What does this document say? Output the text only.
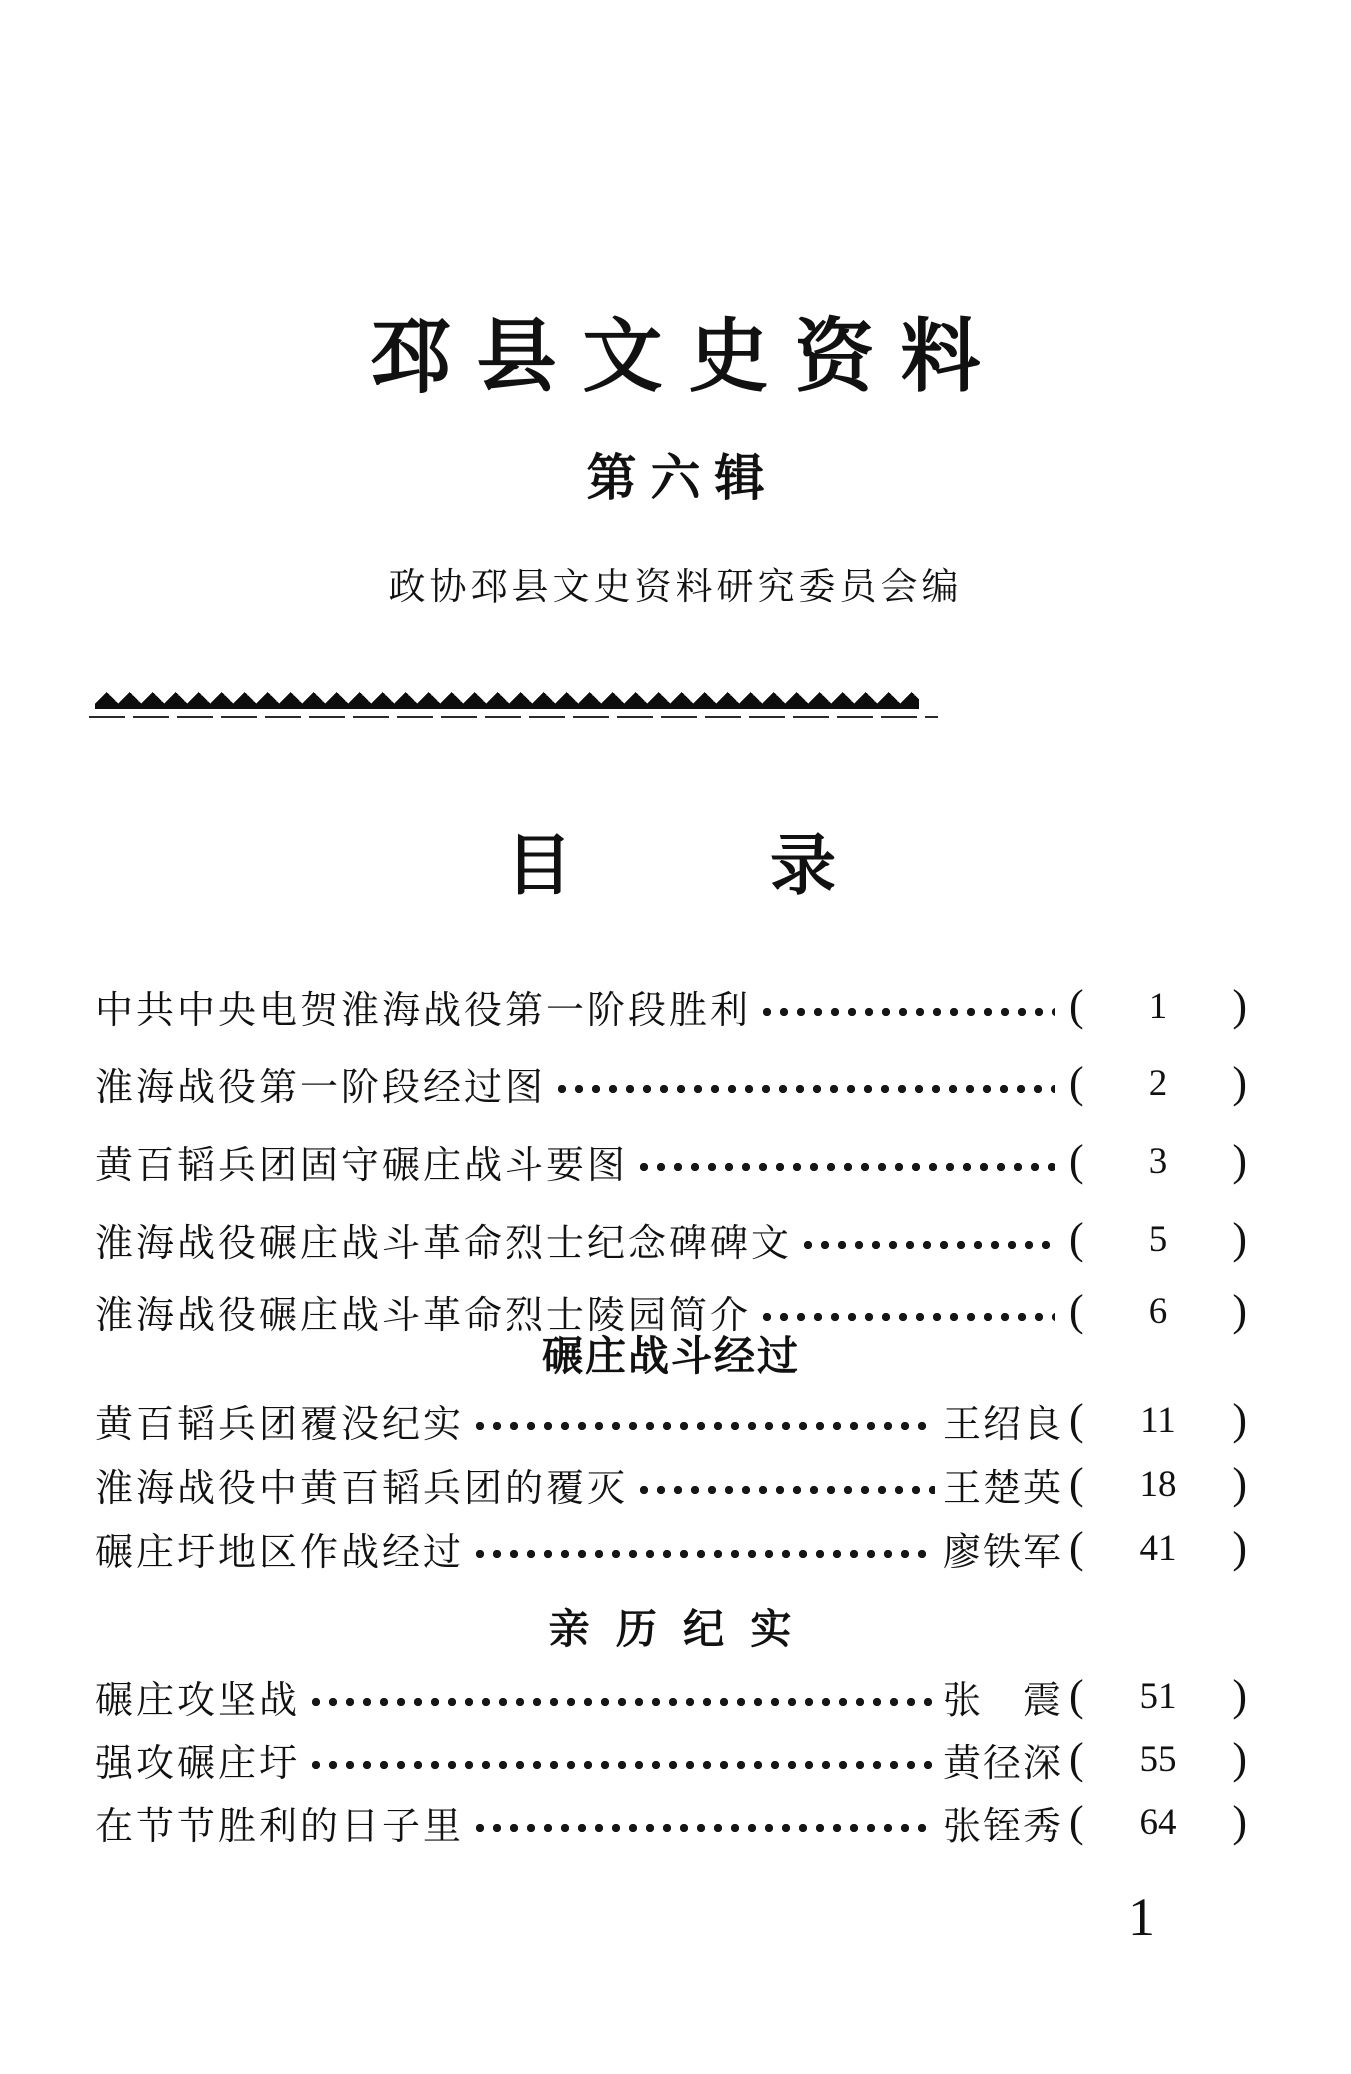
邳县文史资料
第六辑
政协邳县文史资料研究委员会编
目　　　录
中共中央电贺淮海战役第一阶段胜利	( 1 )
淮海战役第一阶段经过图	( 2 )
黄百韬兵团固守碾庄战斗要图	( 3 )
淮海战役碾庄战斗革命烈士纪念碑碑文	( 5 )
淮海战役碾庄战斗革命烈士陵园简介	( 6 )
碾庄战斗经过
黄百韬兵团覆没纪实	王绍良 ( 11 )
淮海战役中黄百韬兵团的覆灭	王楚英 ( 18 )
碾庄圩地区作战经过	廖铁军 ( 41 )
亲 历 纪 实
碾庄攻坚战	张　震 ( 51 )
强攻碾庄圩	黄径深 ( 55 )
在节节胜利的日子里	张铚秀 ( 64 )
1
